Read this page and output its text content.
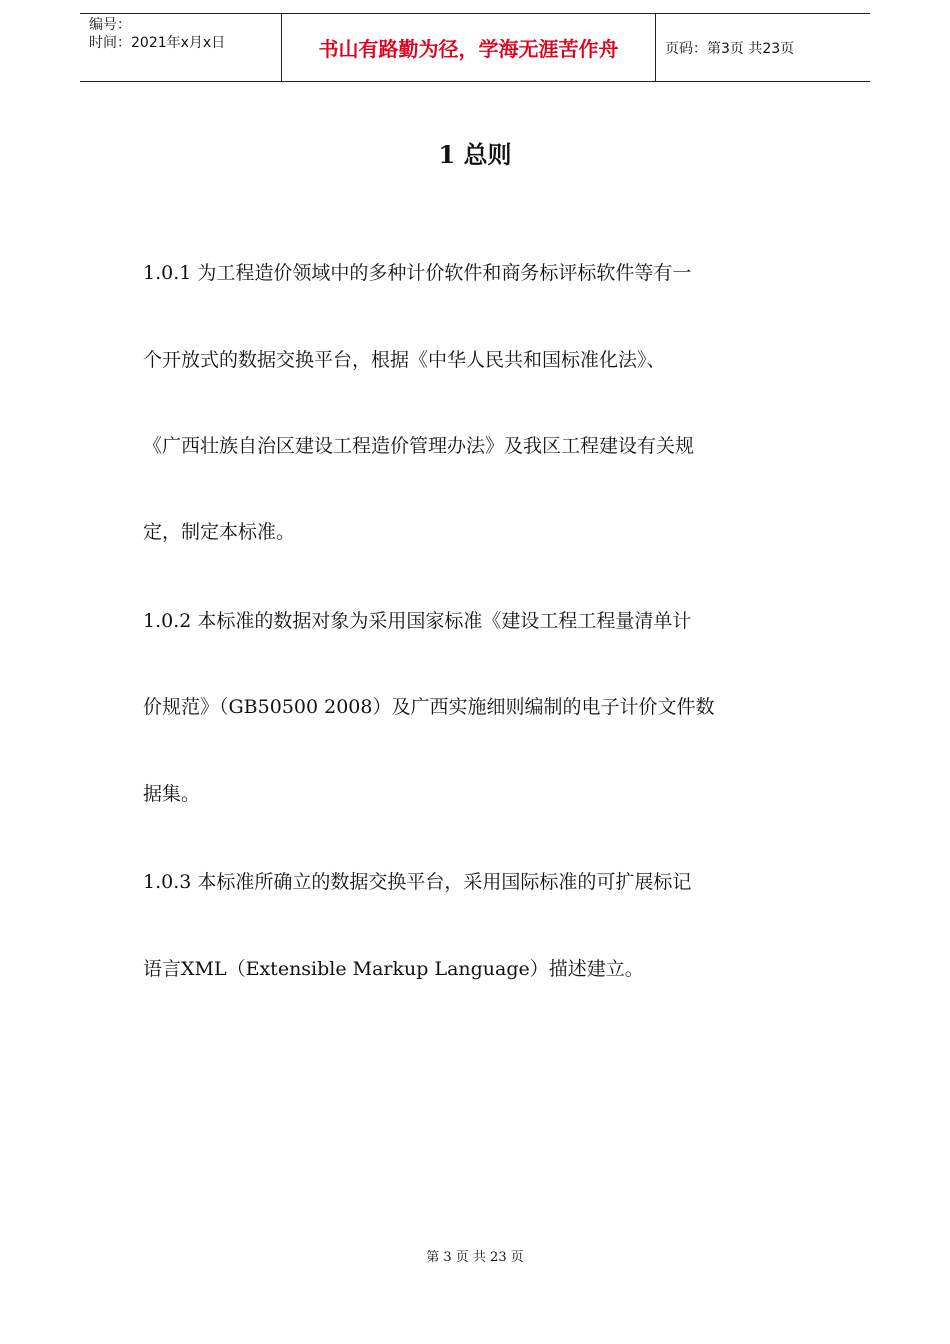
编号：
时间：2021年x月x日	书山有路勤为径，学海无涯苦作舟	页码：第3页 共23页
1 总则
1.0.1 为工程造价领域中的多种计价软件和商务标评标软件等有一
个开放式的数据交换平台，根据《中华人民共和国标准化法》、
《广西壮族自治区建设工程造价管理办法》及我区工程建设有关规
定，制定本标准。
1.0.2 本标准的数据对象为采用国家标准《建设工程工程量清单计
价规范》（GB50500 2008）及广西实施细则编制的电子计价文件数
据集。
1.0.3 本标准所确立的数据交换平台，采用国际标准的可扩展标记
语言XML（Extensible Markup Language）描述建立。
第 3 页 共 23 页
